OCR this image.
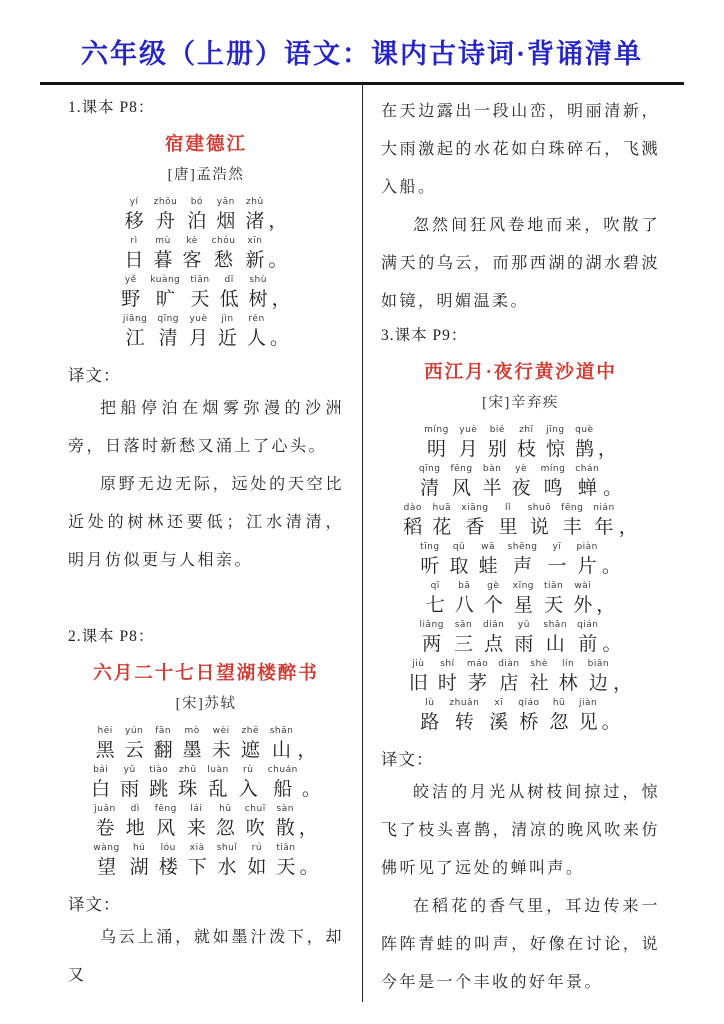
六年级（上册）语文：课内古诗词·背诵清单
1.课本 P8：
宿建德江
[唐]孟浩然
yí
移
zhōu
舟
bó
泊
yān
烟
zhǔ
渚 ，
rì
日
mù
暮
kè
客
chóu
愁
xīn
新 。
yě
野
kuàng
旷
tiān
天
dī
低
shù
树 ，
jiāng
江
qīng
清
yuè
月
jìn
近
rén
人 。
译文：

把船停泊在烟雾弥漫的沙洲旁，日落时新愁又涌上了心头。

原野无边无际，远处的天空比近处的树林还要低；江水清清，明月仿似更与人相亲。

2.课本 P8：
六月二十七日望湖楼醉书
[宋]苏轼
hēi
黑
yún
云
fān
翻
mò
墨
wèi
未
zhē
遮
shān
山 ，
bái
白
yǔ
雨
tiào
跳
zhū
珠
luàn
乱
rù
入
chuán
船 。
juǎn
卷
dì
地
fēng
风
lái
来
hū
忽
chuī
吹
sàn
散 ，
wàng
望
hú
湖
lóu
楼
xià
下
shuǐ
水
rú
如
tiān
天 。
译文：

乌云上涌，就如墨汁泼下，却又

在天边露出一段山峦，明丽清新，大雨激起的水花如白珠碎石，飞溅入船。

忽然间狂风卷地而来，吹散了满天的乌云，而那西湖的湖水碧波如镜，明媚温柔。

3.课本 P9：
西江月·夜行黄沙道中
[宋]辛弃疾
míng
明
yuè
月
bié
别
zhī
枝
jīng
惊
què
鹊 ，
qīng
清
fēng
风
bàn
半
yè
夜
míng
鸣
chán
蝉 。
dào
稻
huā
花
xiāng
香
lǐ
里
shuō
说
fēng
丰
nián
年 ，
tīng
听
qǔ
取
wā
蛙
shēng
声
yī
一
piàn
片 。
qī
七
bā
八
gè
个
xīng
星
tiān
天
wài
外 ，
liǎng
两
sān
三
diǎn
点
yǔ
雨
shān
山
qián
前 。
jiù
旧
shí
时
máo
茅
diàn
店
shè
社
lín
林
biān
边 ，
lù
路
zhuǎn
转
xī
溪
qiáo
桥
hū
忽
jiàn
见 。
译文：

皎洁的月光从树枝间掠过，惊飞了枝头喜鹊，清凉的晚风吹来仿佛听见了远处的蝉叫声。

在稻花的香气里，耳边传来一阵阵青蛙的叫声，好像在讨论，说今年是一个丰收的好年景。
